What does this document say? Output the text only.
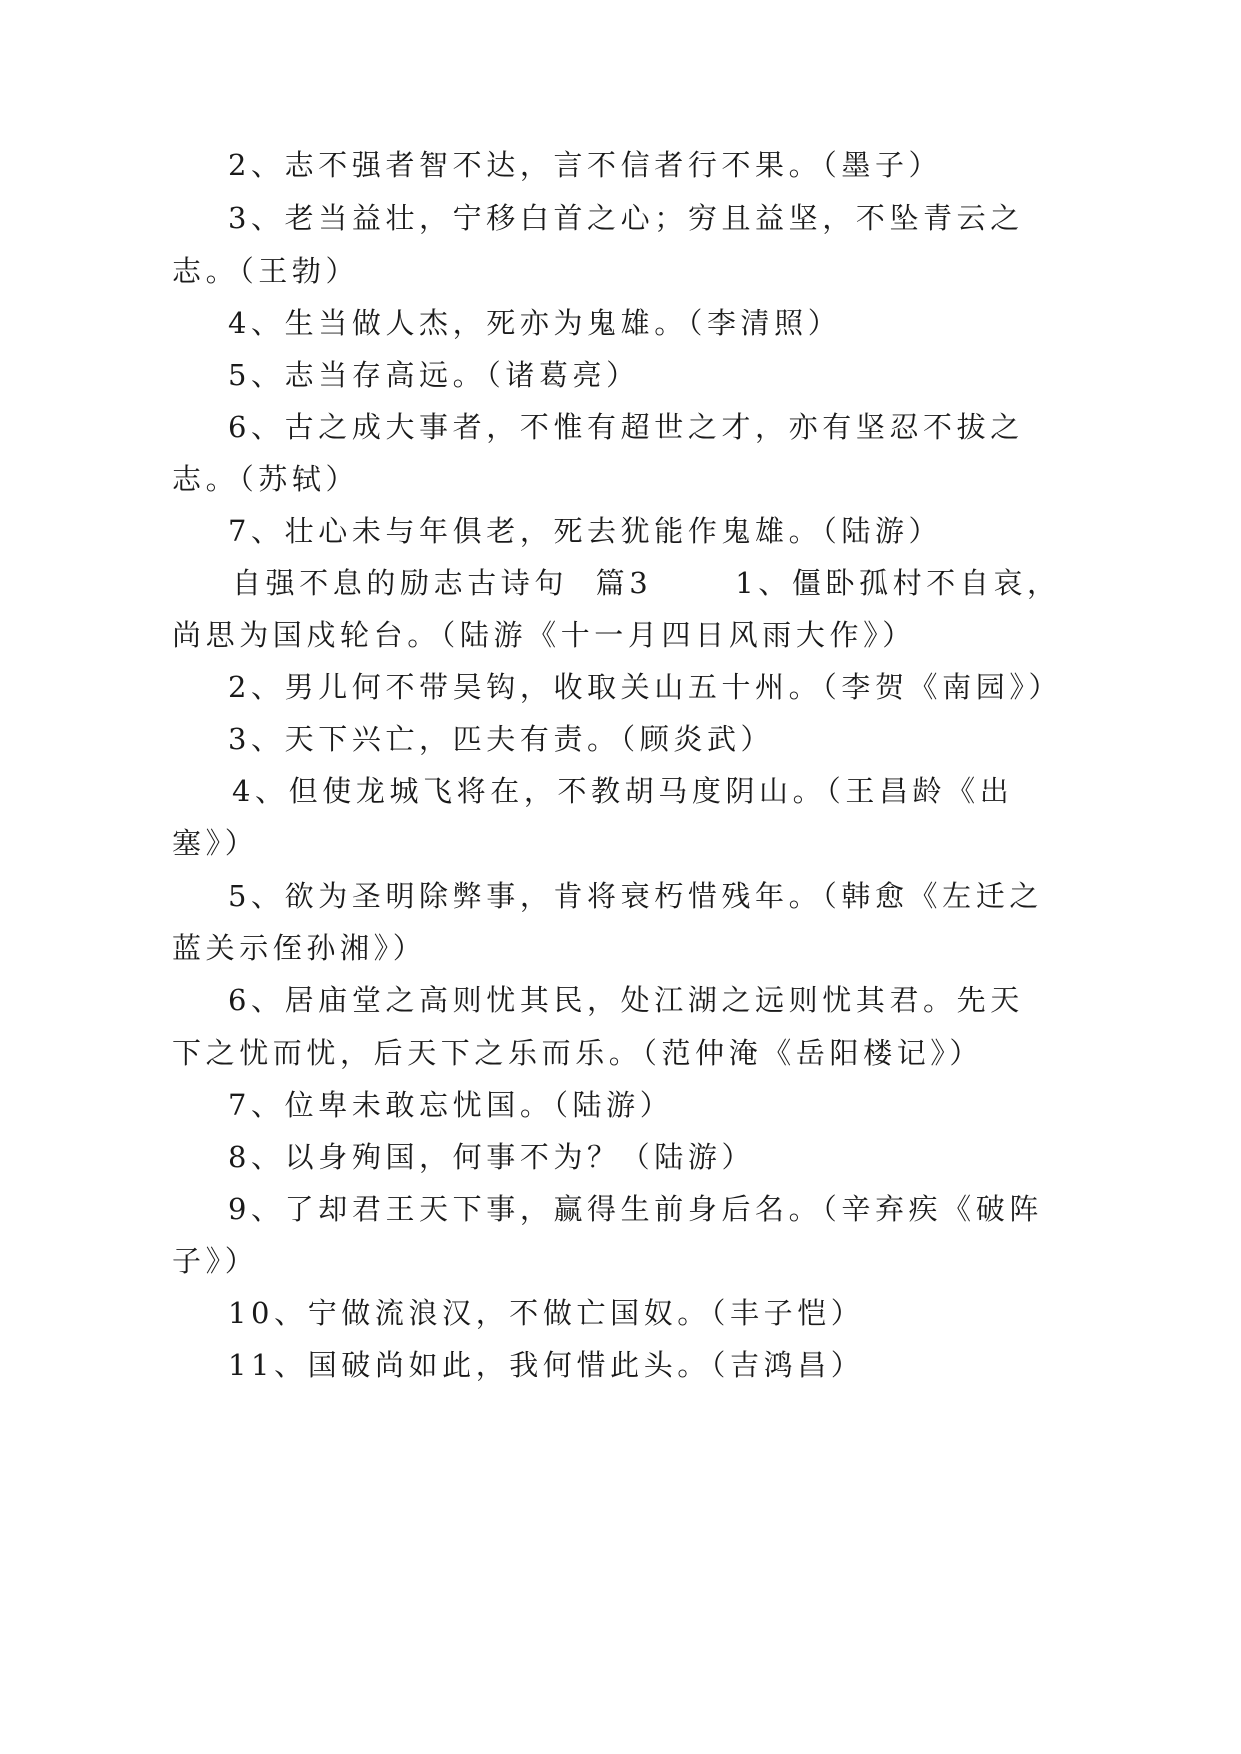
2、志不强者智不达，言不信者行不果。（墨子）
3、老当益壮，宁移白首之心；穷且益坚，不坠青云之
志。（王勃）
4、生当做人杰，死亦为鬼雄。（李清照）
5、志当存高远。（诸葛亮）
6、古之成大事者，不惟有超世之才，亦有坚忍不拔之
志。（苏轼）
7、壮心未与年俱老，死去犹能作鬼雄。（陆游）
自强不息的励志古诗句  篇3      1、僵卧孤村不自哀，
尚思为国戍轮台。（陆游《十一月四日风雨大作》）
2、男儿何不带吴钩，收取关山五十州。（李贺《南园》）
3、天下兴亡，匹夫有责。（顾炎武）
4、但使龙城飞将在，不教胡马度阴山。（王昌龄《出
塞》）
5、欲为圣明除弊事，肯将衰朽惜残年。（韩愈《左迁之
蓝关示侄孙湘》）
6、居庙堂之高则忧其民，处江湖之远则忧其君。先天
下之忧而忧，后天下之乐而乐。（范仲淹《岳阳楼记》）
7、位卑未敢忘忧国。（陆游）
8、以身殉国，何事不为？（陆游）
9、了却君王天下事，赢得生前身后名。（辛弃疾《破阵
子》）
10、宁做流浪汉，不做亡国奴。（丰子恺）
11、国破尚如此，我何惜此头。（吉鸿昌）
